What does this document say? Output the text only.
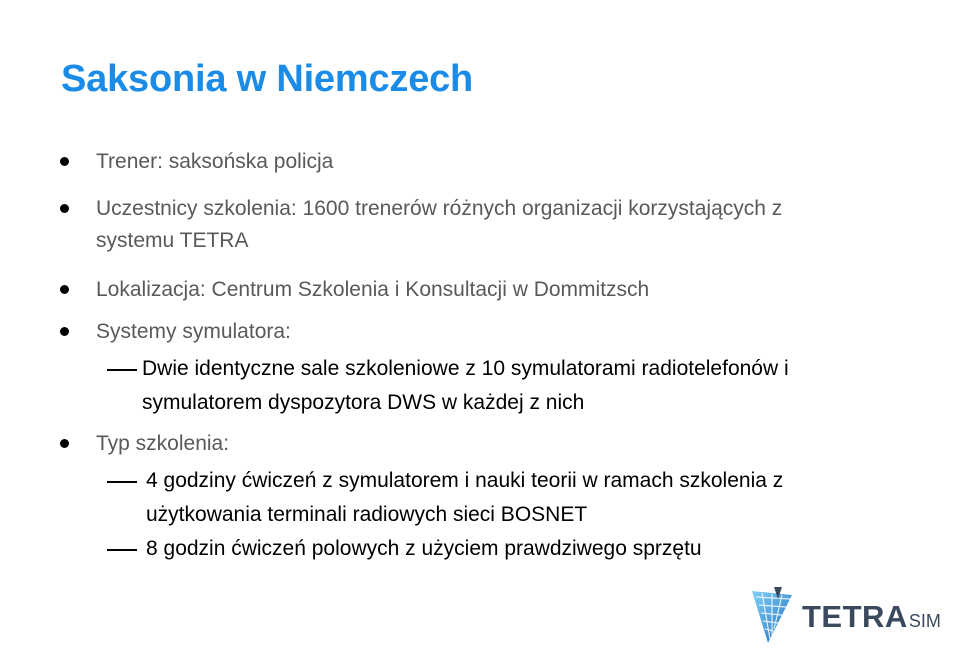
Saksonia w Niemczech
Trener: saksońska policja
Uczestnicy szkolenia: 1600 trenerów różnych organizacji korzystających z
systemu TETRA
Lokalizacja: Centrum Szkolenia i Konsultacji w Dommitzsch
Systemy symulatora:
Dwie identyczne sale szkoleniowe z 10 symulatorami radiotelefonów i
symulatorem dyspozytora DWS w każdej z nich
Typ szkolenia:
4 godziny ćwiczeń z symulatorem i nauki teorii w ramach szkolenia z
użytkowania terminali radiowych sieci BOSNET
8 godzin ćwiczeń polowych z użyciem prawdziwego sprzętu
TETRASIM
